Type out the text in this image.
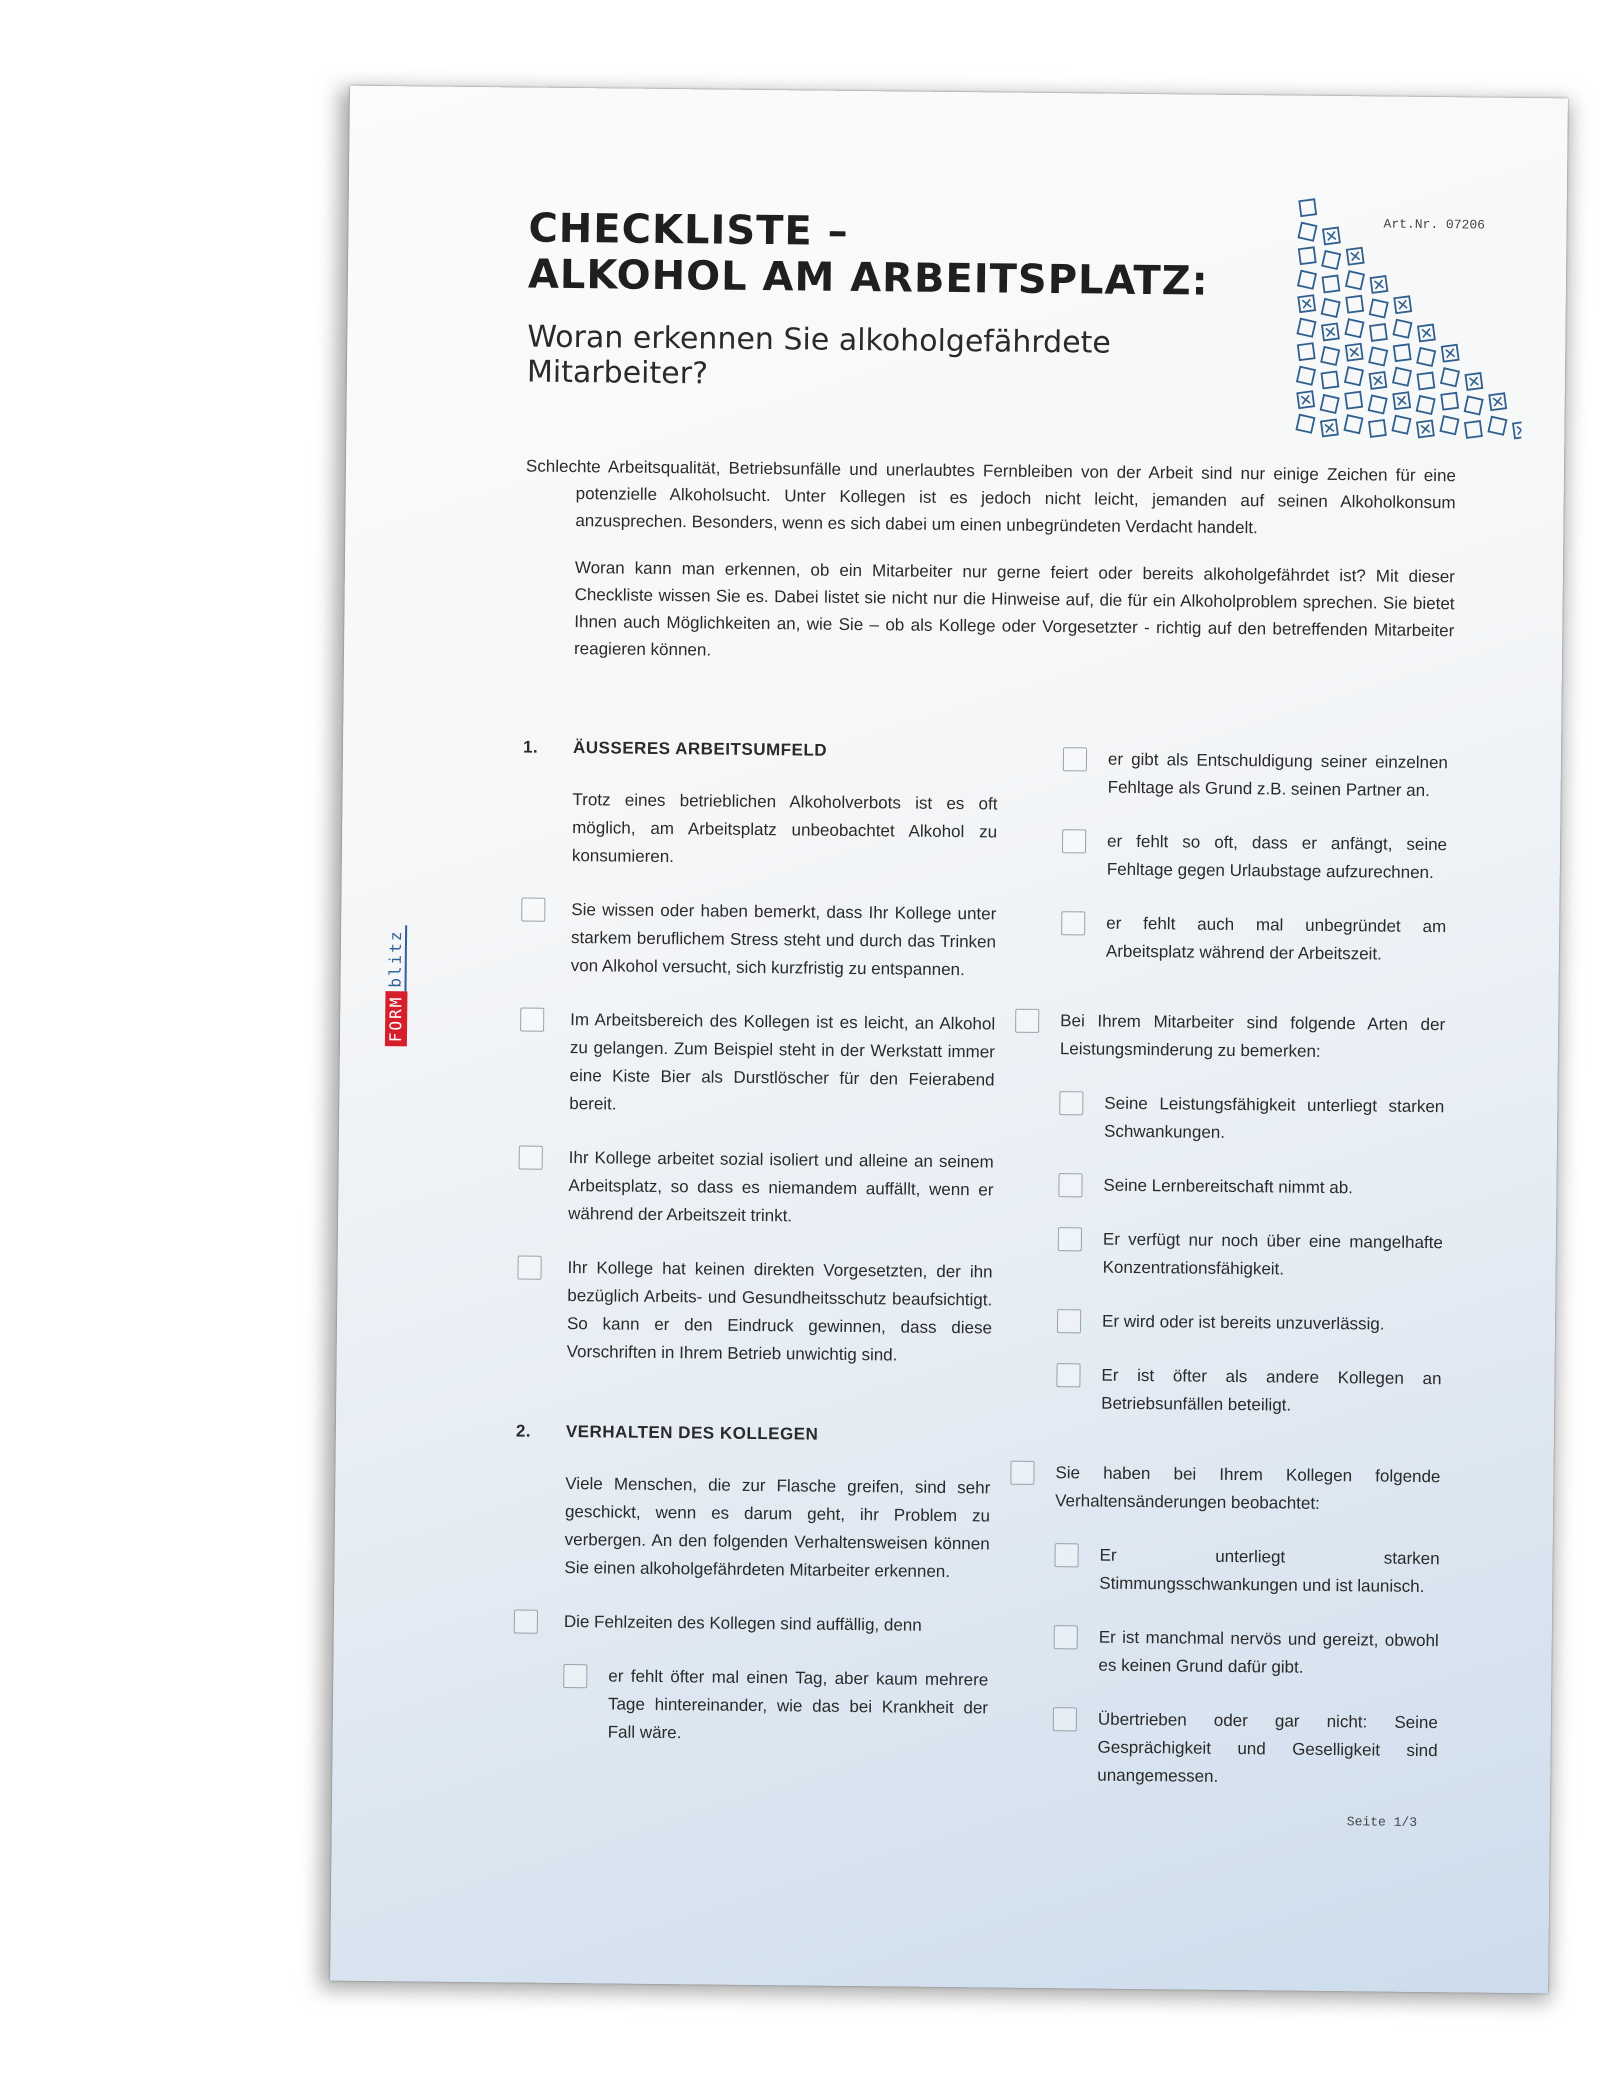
Art.Nr. 07206
CHECKLISTE –
ALKOHOL AM ARBEITSPLATZ:
Woran erkennen Sie alkoholgefährdete Mitarbeiter?

Schlechte Arbeitsqualität, Betriebsunfälle und unerlaubtes Fernbleiben von der Arbeit sind nur einige Zeichen für eine potenzielle Alkoholsucht. Unter Kollegen ist es jedoch nicht leicht, jemanden auf seinen Alkoholkonsum anzusprechen. Besonders, wenn es sich dabei um einen unbegründeten Verdacht handelt.

Woran kann man erkennen, ob ein Mitarbeiter nur gerne feiert oder bereits alkoholgefährdet ist? Mit dieser Checkliste wissen Sie es. Dabei listet sie nicht nur die Hinweise auf, die für ein Alkoholproblem sprechen. Sie bietet Ihnen auch Möglichkeiten an, wie Sie – ob als Kollege oder Vorgesetzter - richtig auf den betreffenden Mitarbeiter reagieren können.

1.	ÄUSSERES ARBEITSUMFELD
Trotz eines betrieblichen Alkoholverbots ist es oft möglich, am Arbeitsplatz unbeobachtet Alkohol zu konsumieren.
Sie wissen oder haben bemerkt, dass Ihr Kollege unter starkem beruflichem Stress steht und durch das Trinken von Alkohol versucht, sich kurzfristig zu entspannen.
Im Arbeitsbereich des Kollegen ist es leicht, an Alkohol zu gelangen. Zum Beispiel steht in der Werkstatt immer eine Kiste Bier als Durstlöscher für den Feierabend bereit.
Ihr Kollege arbeitet sozial isoliert und alleine an seinem Arbeitsplatz, so dass es niemandem auffällt, wenn er während der Arbeitszeit trinkt.
Ihr Kollege hat keinen direkten Vorgesetzten, der ihn bezüglich Arbeits- und Gesundheitsschutz beaufsichtigt. So kann er den Eindruck gewinnen, dass diese Vorschriften in Ihrem Betrieb unwichtig sind.
2.	VERHALTEN DES KOLLEGEN
Viele Menschen, die zur Flasche greifen, sind sehr geschickt, wenn es darum geht, ihr Problem zu verbergen. An den folgenden Verhaltensweisen können Sie einen alkoholgefährdeten Mitarbeiter erkennen.
Die Fehlzeiten des Kollegen sind auffällig, denn
er fehlt öfter mal einen Tag, aber kaum mehrere Tage hintereinander, wie das bei Krankheit der Fall wäre.
er gibt als Entschuldigung seiner einzelnen Fehltage als Grund z.B. seinen Partner an.
er fehlt so oft, dass er anfängt, seine Fehltage gegen Urlaubstage aufzurechnen.
er fehlt auch mal unbegründet am Arbeitsplatz während der Arbeitszeit.
Bei Ihrem Mitarbeiter sind folgende Arten der Leistungsminderung zu bemerken:
Seine Leistungsfähigkeit unterliegt starken Schwankungen.
Seine Lernbereitschaft nimmt ab.
Er verfügt nur noch über eine mangelhafte Konzentrationsfähigkeit.
Er wird oder ist bereits unzuverlässig.
Er ist öfter als andere Kollegen an Betriebsunfällen beteiligt.
Sie haben bei Ihrem Kollegen folgende Verhaltensänderungen beobachtet:
Er unterliegt starken Stimmungsschwankungen und ist launisch.
Er ist manchmal nervös und gereizt, obwohl es keinen Grund dafür gibt.
Übertrieben oder gar nicht: Seine Gesprächigkeit und Geselligkeit sind unangemessen.
Seite 1/3
FORM
blitz
